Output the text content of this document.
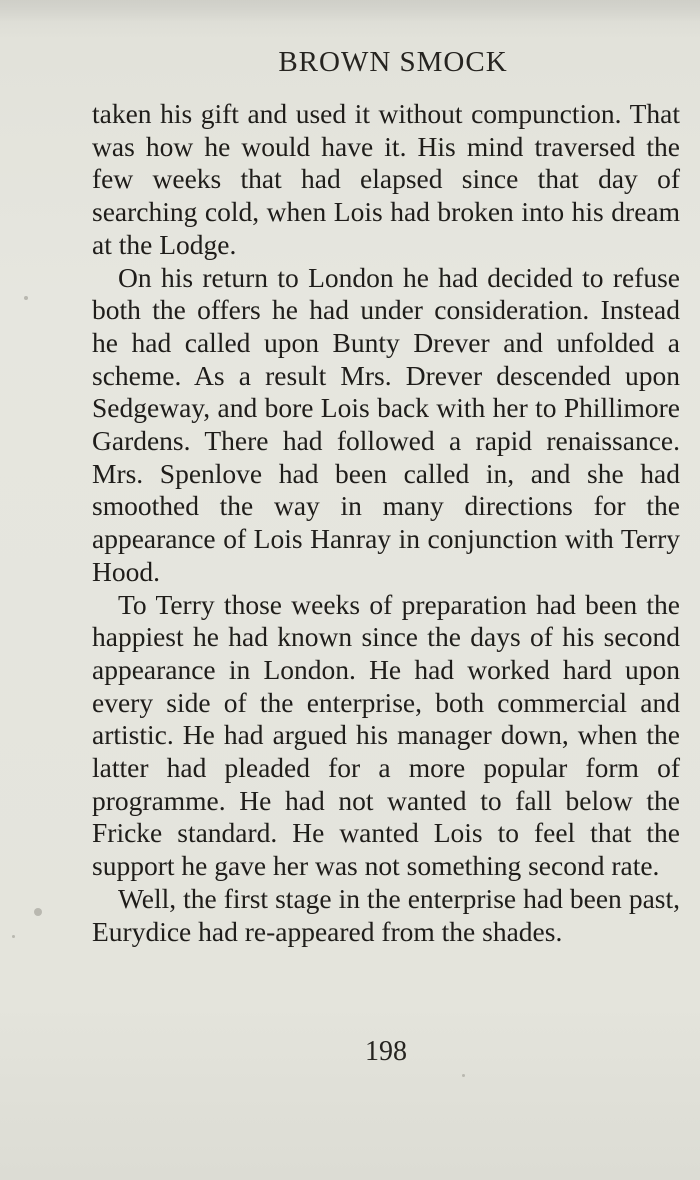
BROWN SMOCK

taken his gift and used it without compunction. That was how he would have it. His mind traversed the few weeks that had elapsed since that day of searching cold, when Lois had broken into his dream at the Lodge.

On his return to London he had decided to refuse both the offers he had under consideration. Instead he had called upon Bunty Drever and unfolded a scheme. As a result Mrs. Drever descended upon Sedgeway, and bore Lois back with her to Phillimore Gardens. There had followed a rapid renaissance. Mrs. Spenlove had been called in, and she had smoothed the way in many directions for the appearance of Lois Hanray in conjunction with Terry Hood.

To Terry those weeks of preparation had been the happiest he had known since the days of his second appearance in London. He had worked hard upon every side of the enterprise, both commercial and artistic. He had argued his manager down, when the latter had pleaded for a more popular form of programme. He had not wanted to fall below the Fricke standard. He wanted Lois to feel that the support he gave her was not something second rate.

Well, the first stage in the enterprise had been past, Eurydice had re-appeared from the shades.

198
